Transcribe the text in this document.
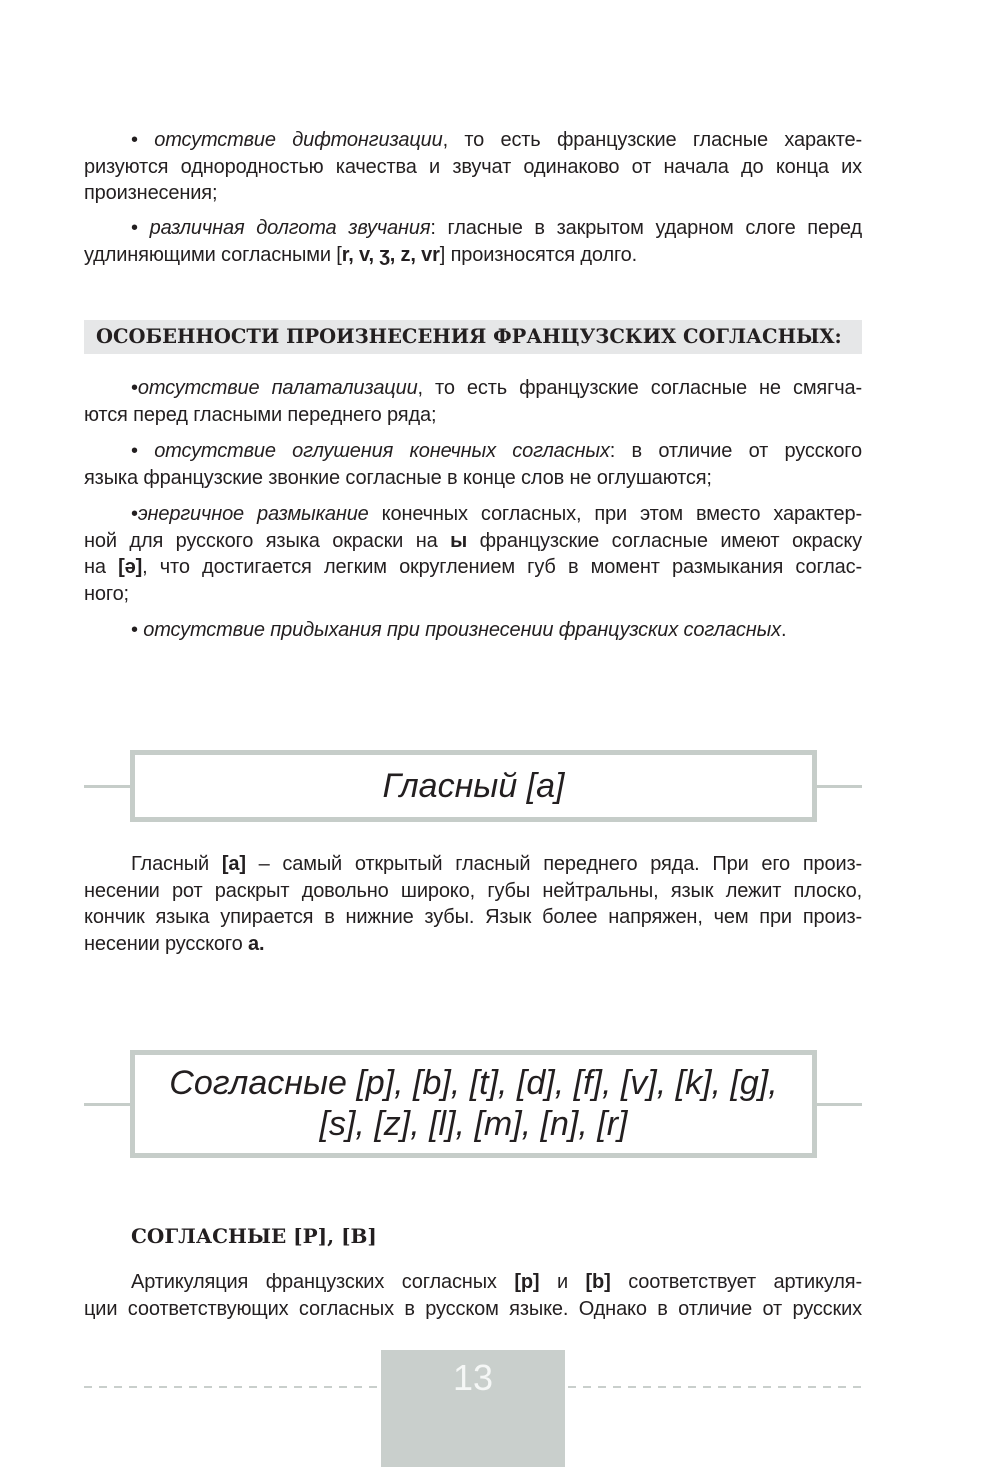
• отсутствие дифтонгизации, то есть французские гласные характе-
ризуются однородностью качества и звучат одинаково от начала до конца их
произнесения;
• различная долгота звучания: гласные в закрытом ударном слоге перед
удлиняющими согласными [r, v, ʒ, z, vr] произносятся долго.
ОСОБЕННОСТИ ПРОИЗНЕСЕНИЯ ФРАНЦУЗСКИХ СОГЛАСНЫХ:
•отсутствие палатализации, то есть французские согласные не смягча-
ются перед гласными переднего ряда;
• отсутствие оглушения конечных согласных: в отличие от русского
языка французские звонкие согласные в конце слов не оглушаются;
•энергичное размыкание конечных согласных, при этом вместо характер-
ной для русского языка окраски на ы французские согласные имеют окраску
на [ə], что достигается легким округлением губ в момент размыкания соглас-
ного;
• отсутствие придыхания при произнесении французских согласных.
Гласный [a]
Гласный [a] – самый открытый гласный переднего ряда. При его произ-
несении рот раскрыт довольно широко, губы нейтральны, язык лежит плоско,
кончик языка упирается в нижние зубы. Язык более напряжен, чем при произ-
несении русского а.
Согласные [p], [b], [t], [d], [f], [v], [k], [g],
[s], [z], [l], [m], [n], [r]
СОГЛАСНЫЕ [P], [B]
Артикуляция французских согласных [p] и [b] соответствует артикуля-
ции соответствующих согласных в русском языке. Однако в отличие от русских
13
